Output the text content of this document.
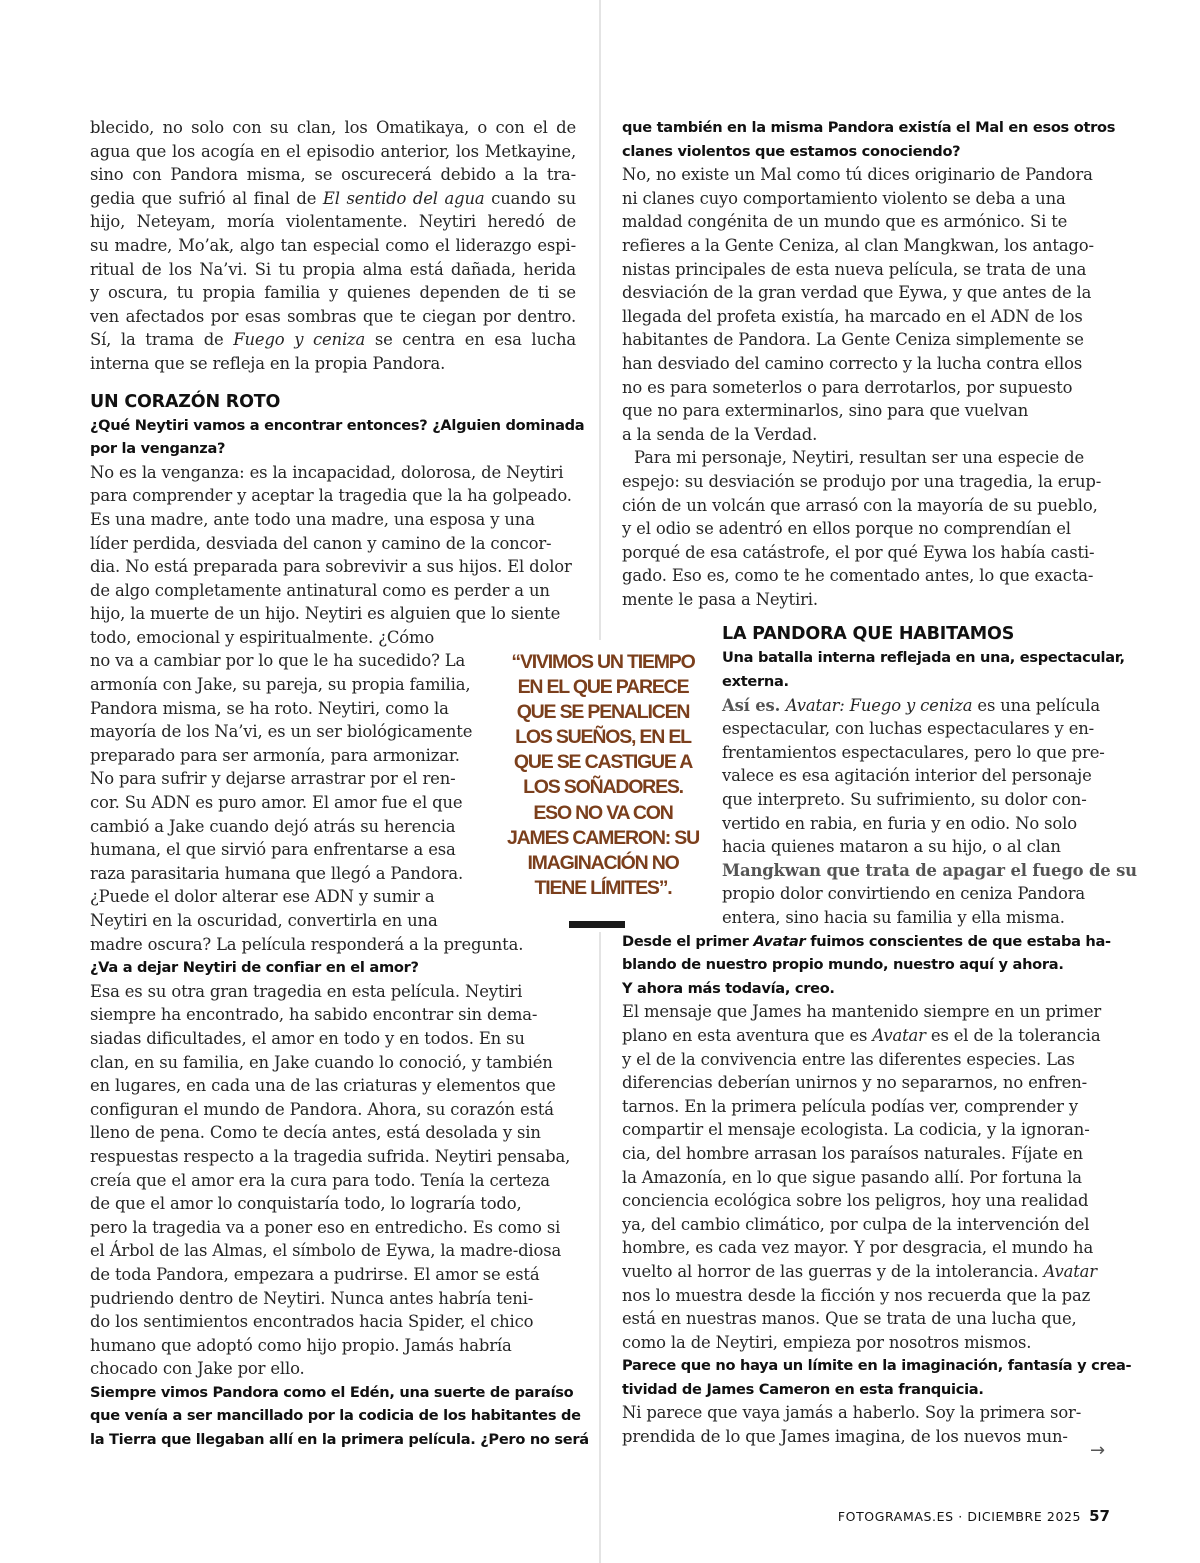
blecido, no solo con su clan, los Omatikaya, o con el de
agua que los acogía en el episodio anterior, los Metkayine,
sino con Pandora misma, se oscurecerá debido a la tra-
gedia que sufrió al final de El sentido del agua cuando su
hijo, Neteyam, moría violentamente. Neytiri heredó de
su madre, Mo’ak, algo tan especial como el liderazgo espi-
ritual de los Na’vi. Si tu propia alma está dañada, herida
y oscura, tu propia familia y quienes dependen de ti se
ven afectados por esas sombras que te ciegan por dentro.
Sí, la trama de Fuego y ceniza se centra en esa lucha
interna que se refleja en la propia Pandora.
UN CORAZÓN ROTO
¿Qué Neytiri vamos a encontrar entonces? ¿Alguien dominada
por la venganza?
No es la venganza: es la incapacidad, dolorosa, de Neytiri
para comprender y aceptar la tragedia que la ha golpeado.
Es una madre, ante todo una madre, una esposa y una
líder perdida, desviada del canon y camino de la concor-
dia. No está preparada para sobrevivir a sus hijos. El dolor
de algo completamente antinatural como es perder a un
hijo, la muerte de un hijo. Neytiri es alguien que lo siente
todo, emocional y espiritualmente. ¿Cómo
no va a cambiar por lo que le ha sucedido? La
armonía con Jake, su pareja, su propia familia,
Pandora misma, se ha roto. Neytiri, como la
mayoría de los Na’vi, es un ser biológicamente
preparado para ser armonía, para armonizar.
No para sufrir y dejarse arrastrar por el ren-
cor. Su ADN es puro amor. El amor fue el que
cambió a Jake cuando dejó atrás su herencia
humana, el que sirvió para enfrentarse a esa
raza parasitaria humana que llegó a Pandora.
¿Puede el dolor alterar ese ADN y sumir a
Neytiri en la oscuridad, convertirla en una
madre oscura? La película responderá a la pregunta.
¿Va a dejar Neytiri de confiar en el amor?
Esa es su otra gran tragedia en esta película. Neytiri
siempre ha encontrado, ha sabido encontrar sin dema-
siadas dificultades, el amor en todo y en todos. En su
clan, en su familia, en Jake cuando lo conoció, y también
en lugares, en cada una de las criaturas y elementos que
configuran el mundo de Pandora. Ahora, su corazón está
lleno de pena. Como te decía antes, está desolada y sin
respuestas respecto a la tragedia sufrida. Neytiri pensaba,
creía que el amor era la cura para todo. Tenía la certeza
de que el amor lo conquistaría todo, lo lograría todo,
pero la tragedia va a poner eso en entredicho. Es como si
el Árbol de las Almas, el símbolo de Eywa, la madre-diosa
de toda Pandora, empezara a pudrirse. El amor se está
pudriendo dentro de Neytiri. Nunca antes habría teni-
do los sentimientos encontrados hacia Spider, el chico
humano que adoptó como hijo propio. Jamás habría
chocado con Jake por ello.
Siempre vimos Pandora como el Edén, una suerte de paraíso
que venía a ser mancillado por la codicia de los habitantes de
la Tierra que llegaban allí en la primera película. ¿Pero no será
“VIVIMOS UN TIEMPO
EN EL QUE PARECE
QUE SE PENALICEN
LOS SUEÑOS, EN EL
QUE SE CASTIGUE A
LOS SOÑADORES.
ESO NO VA CON
JAMES CAMERON: SU
IMAGINACIÓN NO
TIENE LÍMITES”.
que también en la misma Pandora existía el Mal en esos otros
clanes violentos que estamos conociendo?
No, no existe un Mal como tú dices originario de Pandora
ni clanes cuyo comportamiento violento se deba a una
maldad congénita de un mundo que es armónico. Si te
refieres a la Gente Ceniza, al clan Mangkwan, los antago-
nistas principales de esta nueva película, se trata de una
desviación de la gran verdad que Eywa, y que antes de la
llegada del profeta existía, ha marcado en el ADN de los
habitantes de Pandora. La Gente Ceniza simplemente se
han desviado del camino correcto y la lucha contra ellos
no es para someterlos o para derrotarlos, por supuesto
que no para exterminarlos, sino para que vuelvan
a la senda de la Verdad.
Para mi personaje, Neytiri, resultan ser una especie de
espejo: su desviación se produjo por una tragedia, la erup-
ción de un volcán que arrasó con la mayoría de su pueblo,
y el odio se adentró en ellos porque no comprendían el
porqué de esa catástrofe, el por qué Eywa los había casti-
gado. Eso es, como te he comentado antes, lo que exacta-
mente le pasa a Neytiri.
LA PANDORA QUE HABITAMOS
Una batalla interna reflejada en una, espectacular,
externa.
Así es. Avatar: Fuego y ceniza es una película
espectacular, con luchas espectaculares y en-
frentamientos espectaculares, pero lo que pre-
valece es esa agitación interior del personaje
que interpreto. Su sufrimiento, su dolor con-
vertido en rabia, en furia y en odio. No solo
hacia quienes mataron a su hijo, o al clan
Mangkwan que trata de apagar el fuego de su
propio dolor convirtiendo en ceniza Pandora
entera, sino hacia su familia y ella misma.
Desde el primer Avatar fuimos conscientes de que estaba ha-
blando de nuestro propio mundo, nuestro aquí y ahora.
Y ahora más todavía, creo.
El mensaje que James ha mantenido siempre en un primer
plano en esta aventura que es Avatar es el de la tolerancia
y el de la convivencia entre las diferentes especies. Las
diferencias deberían unirnos y no separarnos, no enfren-
tarnos. En la primera película podías ver, comprender y
compartir el mensaje ecologista. La codicia, y la ignoran-
cia, del hombre arrasan los paraísos naturales. Fíjate en
la Amazonía, en lo que sigue pasando allí. Por fortuna la
conciencia ecológica sobre los peligros, hoy una realidad
ya, del cambio climático, por culpa de la intervención del
hombre, es cada vez mayor. Y por desgracia, el mundo ha
vuelto al horror de las guerras y de la intolerancia. Avatar
nos lo muestra desde la ficción y nos recuerda que la paz
está en nuestras manos. Que se trata de una lucha que,
como la de Neytiri, empieza por nosotros mismos.
Parece que no haya un límite en la imaginación, fantasía y crea-
tividad de James Cameron en esta franquicia.
Ni parece que vaya jamás a haberlo. Soy la primera sor-
prendida de lo que James imagina, de los nuevos mun-
→
FOTOGRAMAS.ES · DICIEMBRE 2025 57
